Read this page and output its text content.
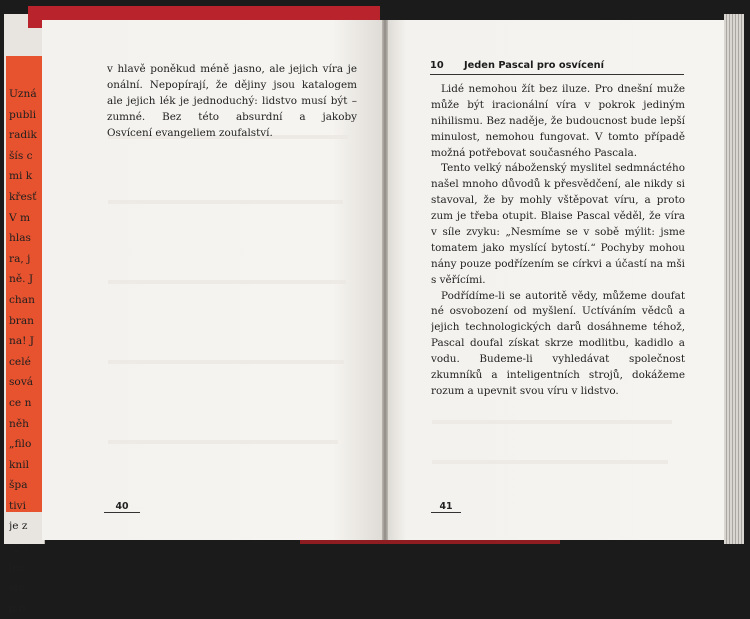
Uzná
publi
radik
šís c
mi k
křesť
V m
hlas
ra, j
ně. J
chan
bran
na! J
celé
sová
ce n
něh
„filo
knil
špa
tivi
je z
spo
len
ste
nal
v hlavě poněkud méně jasno, ale jejich víra je
onální. Nepopírají, že dějiny jsou katalogem
ale jejich lék je jednoduchý: lidstvo musí být –
zumné. Bez této absurdní a jakoby
Osvícení evangeliem zoufalství.
40
10 Jeden Pascal pro osvícení
Lidé nemohou žít bez iluze. Pro dnešní muže
může být iracionální víra v pokrok jediným
nihilismu. Bez naděje, že budoucnost bude lepší
minulost, nemohou fungovat. V tomto případě
možná potřebovat současného Pascala.
Tento velký náboženský myslitel sedmnáctého
našel mnoho důvodů k přesvědčení, ale nikdy si
stavoval, že by mohly vštěpovat víru, a proto
zum je třeba otupit. Blaise Pascal věděl, že víra
v síle zvyku: „Nesmíme se v sobě mýlit: jsme
tomatem jako myslící bytostí.“ Pochyby mohou
nány pouze podřízením se církvi a účastí na mši
s věřícími.
Podřídíme-li se autoritě vědy, můžeme doufat
né osvobození od myšlení. Uctíváním vědců a
jejich technologických darů dosáhneme téhož,
Pascal doufal získat skrze modlitbu, kadidlo a
vodu. Budeme-li vyhledávat společnost
zkumníků a inteligentních strojů, dokážeme
rozum a upevnit svou víru v lidstvo.
41
